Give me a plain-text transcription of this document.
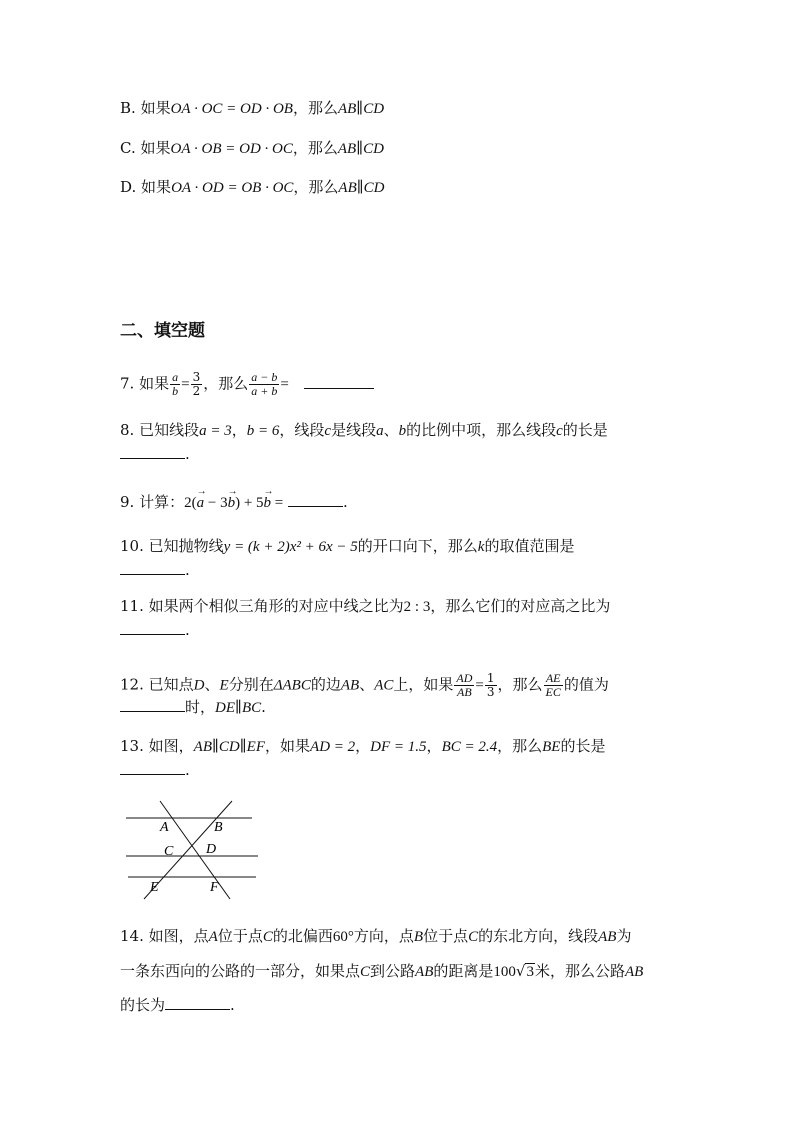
B. 如果OA · OC = OD · OB，那么AB∥CD
C. 如果OA · OB = OD · OC，那么AB∥CD
D. 如果OA · OD = OB · OC，那么AB∥CD
二、填空题
7. 如果 $\frac{a}{b} = \frac{3}{2}$ ，那么 $\frac{a - b}{a + b}$ =
8. 已知线段a = 3，b = 6，线段c是线段a、b的比例中项，那么线段c的长是
.
9. 计算：2(→ a − 3→ b) + 5→ b =	.
10. 已知抛物线y = (k + 2)x² + 6x − 5的开口向下，那么k的取值范围是
.
11. 如果两个相似三角形的对应中线之比为2 : 3，那么它们的对应高之比为
.
12. 已知点D、E分别在ΔABC的边AB、AC上，如果 $\frac{AD}{AB} = \frac{1}{3}$ ，那么 $\frac{AE}{EC}$ 的值为
时，DE∥BC.
13. 如图，AB∥CD∥EF，如果AD = 2，DF = 1.5，BC = 2.4，那么BE的长是
.
A	B
C D
E	F
14. 如图，点A位于点C的北偏西60°方向，点B位于点C的东北方向，线段AB为
一条东西向的公路的一部分，如果点C到公路AB的距离是100√3米，那么公路AB
的长为	.
